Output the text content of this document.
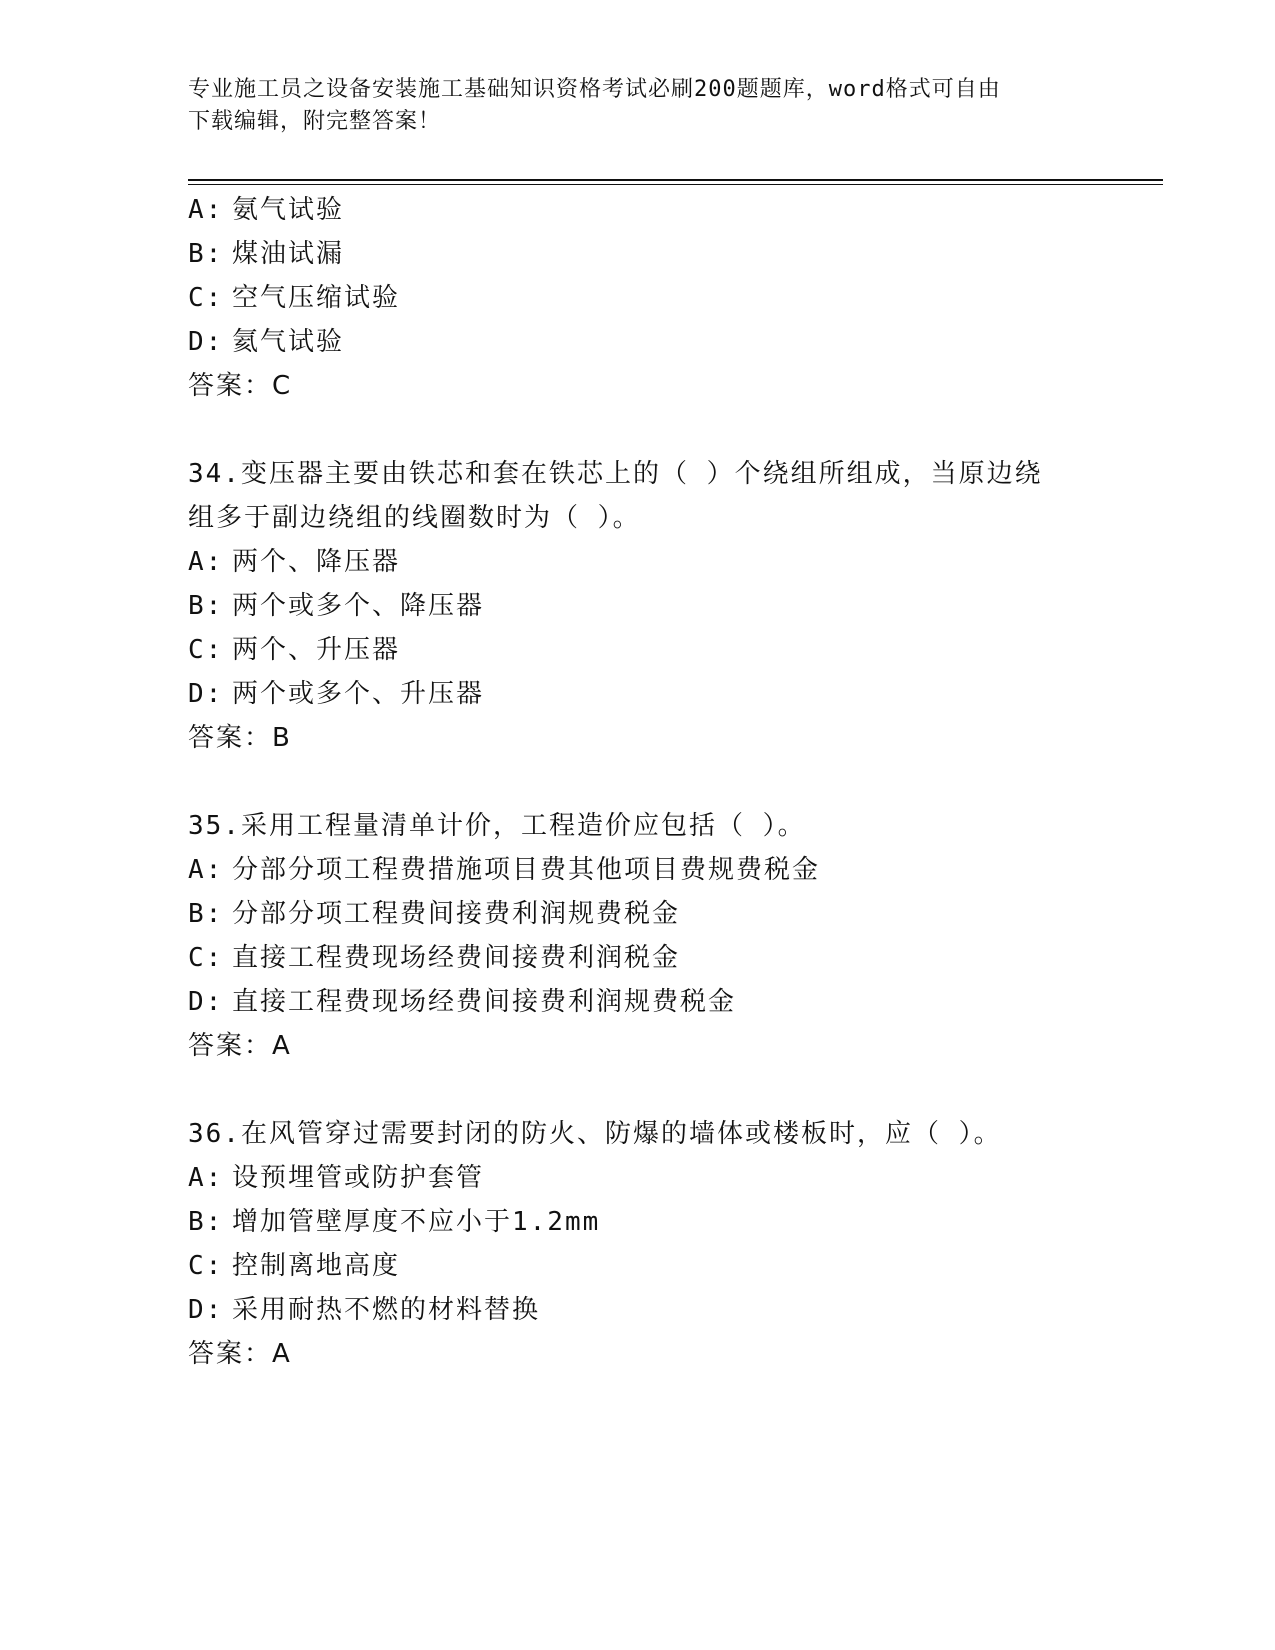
专业施工员之设备安装施工基础知识资格考试必刷200题题库，word格式可自由
下载编辑，附完整答案！
A: 氨气试验
B: 煤油试漏
C: 空气压缩试验
D: 氦气试验
答案：C
34.变压器主要由铁芯和套在铁芯上的（ ）个绕组所组成，当原边绕
组多于副边绕组的线圈数时为（ ）。
A: 两个、降压器
B: 两个或多个、降压器
C: 两个、升压器
D: 两个或多个、升压器
答案：B
35.采用工程量清单计价，工程造价应包括（ ）。
A: 分部分项工程费措施项目费其他项目费规费税金
B: 分部分项工程费间接费利润规费税金
C: 直接工程费现场经费间接费利润税金
D: 直接工程费现场经费间接费利润规费税金
答案：A
36.在风管穿过需要封闭的防火、防爆的墙体或楼板时，应（ ）。
A: 设预埋管或防护套管
B: 增加管壁厚度不应小于1.2mm
C: 控制离地高度
D: 采用耐热不燃的材料替换
答案：A
